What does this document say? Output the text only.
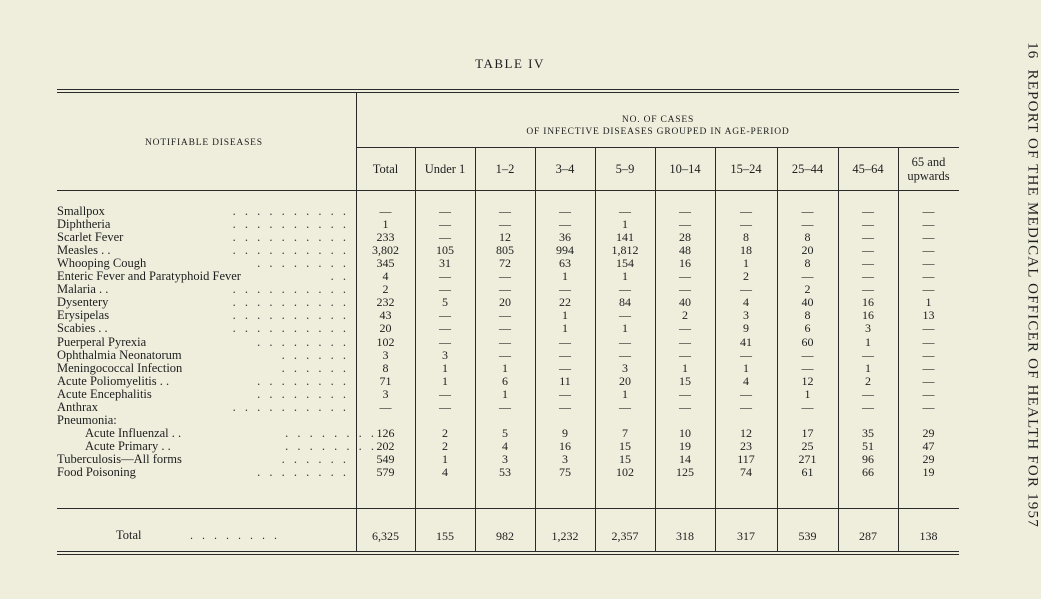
16REPORT OF THE MEDICAL OFFICER OF HEALTH FOR 1957
TABLE IV
NOTIFIABLE DISEASES
NO. OF CASES
OF INFECTIVE DISEASES GROUPED IN AGE-PERIOD
Total	Under 1	1–2	3–4	5–9	10–14	15–24	25–44	45–64	65 and upwards
Smallpox	. . . . . . . . . .	—	—	—	—	—	—	—	—	—	—
Diphtheria	. . . . . . . . . .	1	—	—	—	1	—	—	—	—	—
Scarlet Fever	. . . . . . . . . .	233	—	12	36	141	28	8	8	—	—
Measles . .	. . . . . . . . . .	3,802	105	805	994	1,812	48	18	20	—	—
Whooping Cough	. . . . . . . .	345	31	72	63	154	16	1	8	—	—
Enteric Fever and Paratyphoid Fever	. .	4	—	—	1	1	—	2	—	—	—
Malaria . .	. . . . . . . . . .	2	—	—	—	—	—	—	2	—	—
Dysentery	. . . . . . . . . .	232	5	20	22	84	40	4	40	16	1
Erysipelas	. . . . . . . . . .	43	—	—	1	—	2	3	8	16	13
Scabies . .	. . . . . . . . . .	20	—	—	1	1	—	9	6	3	—
Puerperal Pyrexia	. . . . . . . .	102	—	—	—	—	—	41	60	1	—
Ophthalmia Neonatorum	. . . . . .	3	3	—	—	—	—	—	—	—	—
Meningococcal Infection	. . . . . .	8	1	1	—	3	1	1	—	1	—
Acute Poliomyelitis . .	. . . . . . . .	71	1	6	11	20	15	4	12	2	—
Acute Encephalitis	. . . . . . . .	3	—	1	—	1	—	—	1	—	—
Anthrax	. . . . . . . . . .	—	—	—	—	—	—	—	—	—	—
Pneumonia:
Acute Influenzal . .	. . . . . . . . 126	2	5	9	7	10	12	17	35	29
Acute Primary . .	. . . . . . . . 202	2	4	16	15	19	23	25	51	47
Tuberculosis—All forms	. . . . . .	549	1	3	3	15	14	117	271	96	29
Food Poisoning	. . . . . . . .	579	4	53	75	102	125	74	61	66	19
Total	. . . . . . . .	6,325	155	982	1,232	2,357	318	317	539	287	138
